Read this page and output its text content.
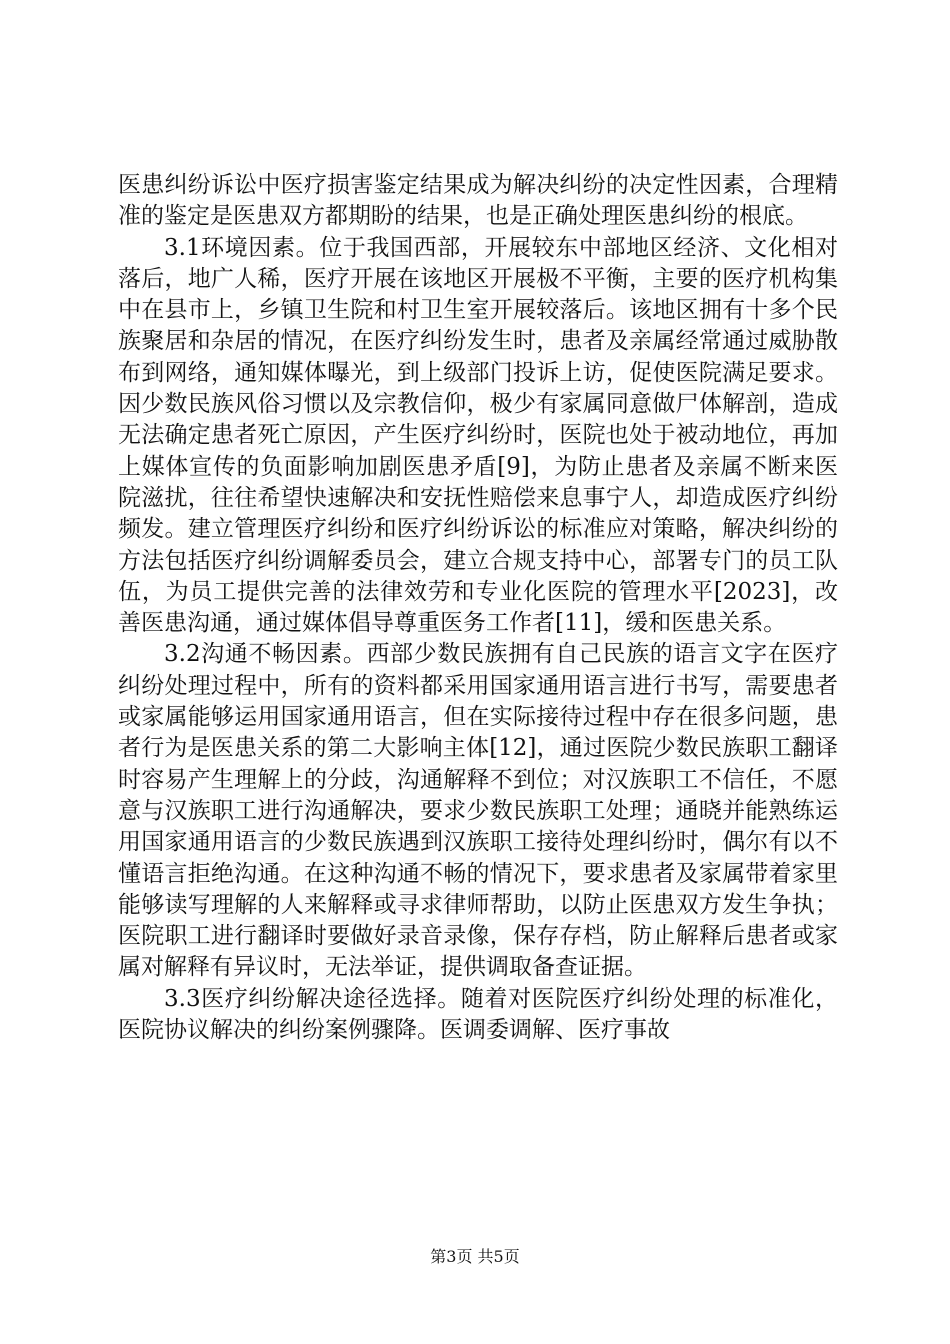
医患纠纷诉讼中医疗损害鉴定结果成为解决纠纷的决定性因素，合理精准的鉴定是医患双方都期盼的结果，也是正确处理医患纠纷的根底。

3.1环境因素。位于我国西部，开展较东中部地区经济、文化相对落后，地广人稀，医疗开展在该地区开展极不平衡，主要的医疗机构集中在县市上，乡镇卫生院和村卫生室开展较落后。该地区拥有十多个民族聚居和杂居的情况，在医疗纠纷发生时，患者及亲属经常通过威胁散布到网络，通知媒体曝光，到上级部门投诉上访，促使医院满足要求。因少数民族风俗习惯以及宗教信仰，极少有家属同意做尸体解剖，造成无法确定患者死亡原因，产生医疗纠纷时，医院也处于被动地位，再加上媒体宣传的负面影响加剧医患矛盾[9]，为防止患者及亲属不断来医院滋扰，往往希望快速解决和安抚性赔偿来息事宁人，却造成医疗纠纷频发。建立管理医疗纠纷和医疗纠纷诉讼的标准应对策略，解决纠纷的方法包括医疗纠纷调解委员会，建立合规支持中心，部署专门的员工队伍，为员工提供完善的法律效劳和专业化医院的管理水平[2023]，改善医患沟通，通过媒体倡导尊重医务工作者[11]，缓和医患关系。

3.2沟通不畅因素。西部少数民族拥有自己民族的语言文字在医疗纠纷处理过程中，所有的资料都采用国家通用语言进行书写，需要患者或家属能够运用国家通用语言，但在实际接待过程中存在很多问题，患者行为是医患关系的第二大影响主体[12]，通过医院少数民族职工翻译时容易产生理解上的分歧，沟通解释不到位；对汉族职工不信任，不愿意与汉族职工进行沟通解决，要求少数民族职工处理；通晓并能熟练运用国家通用语言的少数民族遇到汉族职工接待处理纠纷时，偶尔有以不懂语言拒绝沟通。在这种沟通不畅的情况下，要求患者及家属带着家里能够读写理解的人来解释或寻求律师帮助，以防止医患双方发生争执；医院职工进行翻译时要做好录音录像，保存存档，防止解释后患者或家属对解释有异议时，无法举证，提供调取备查证据。

3.3医疗纠纷解决途径选择。随着对医院医疗纠纷处理的标准化，医院协议解决的纠纷案例骤降。医调委调解、医疗事故

第3页 共5页
